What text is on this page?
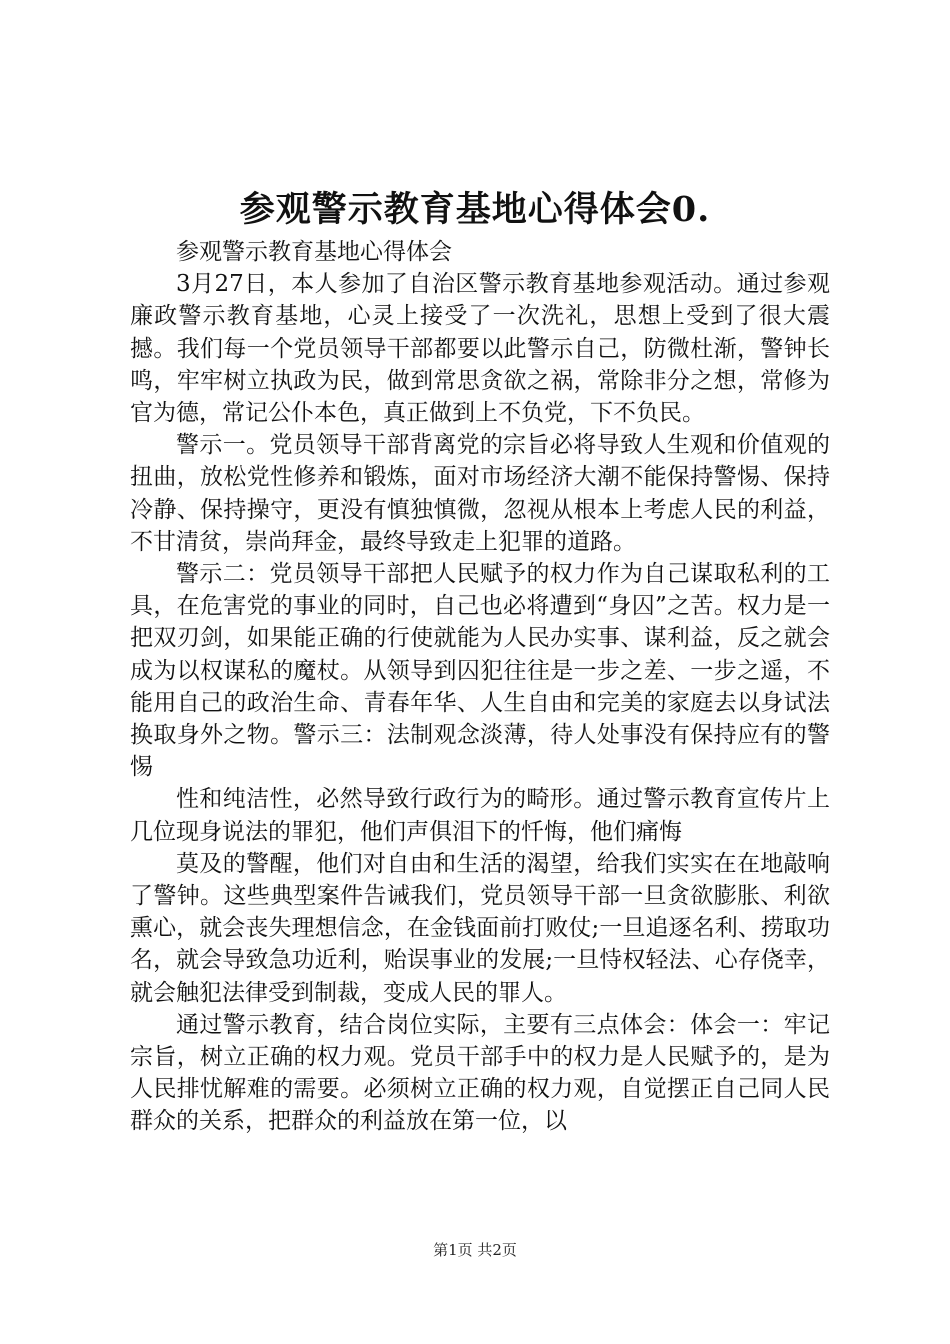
参观警示教育基地心得体会0.

参观警示教育基地心得体会

3月27日，本人参加了自治区警示教育基地参观活动。通过参观廉政警示教育基地，心灵上接受了一次洗礼，思想上受到了很大震撼。我们每一个党员领导干部都要以此警示自己，防微杜渐，警钟长鸣，牢牢树立执政为民，做到常思贪欲之祸，常除非分之想，常修为官为德，常记公仆本色，真正做到上不负党，下不负民。

警示一。党员领导干部背离党的宗旨必将导致人生观和价值观的扭曲，放松党性修养和锻炼，面对市场经济大潮不能保持警惕、保持冷静、保持操守，更没有慎独慎微，忽视从根本上考虑人民的利益，不甘清贫，崇尚拜金，最终导致走上犯罪的道路。

警示二：党员领导干部把人民赋予的权力作为自己谋取私利的工具，在危害党的事业的同时，自己也必将遭到“身囚”之苦。权力是一把双刃剑，如果能正确的行使就能为人民办实事、谋利益，反之就会成为以权谋私的魔杖。从领导到囚犯往往是一步之差、一步之遥，不能用自己的政治生命、青春年华、人生自由和完美的家庭去以身试法换取身外之物。警示三：法制观念淡薄，待人处事没有保持应有的警惕

性和纯洁性，必然导致行政行为的畸形。通过警示教育宣传片上几位现身说法的罪犯，他们声俱泪下的忏悔，他们痛悔

莫及的警醒，他们对自由和生活的渴望，给我们实实在在地敲响了警钟。这些典型案件告诫我们，党员领导干部一旦贪欲膨胀、利欲熏心，就会丧失理想信念，在金钱面前打败仗;一旦追逐名利、捞取功名，就会导致急功近利，贻误事业的发展;一旦恃权轻法、心存侥幸，就会触犯法律受到制裁，变成人民的罪人。

通过警示教育，结合岗位实际，主要有三点体会：体会一：牢记宗旨，树立正确的权力观。党员干部手中的权力是人民赋予的，是为人民排忧解难的需要。必须树立正确的权力观，自觉摆正自己同人民群众的关系，把群众的利益放在第一位，以

第1页 共2页
